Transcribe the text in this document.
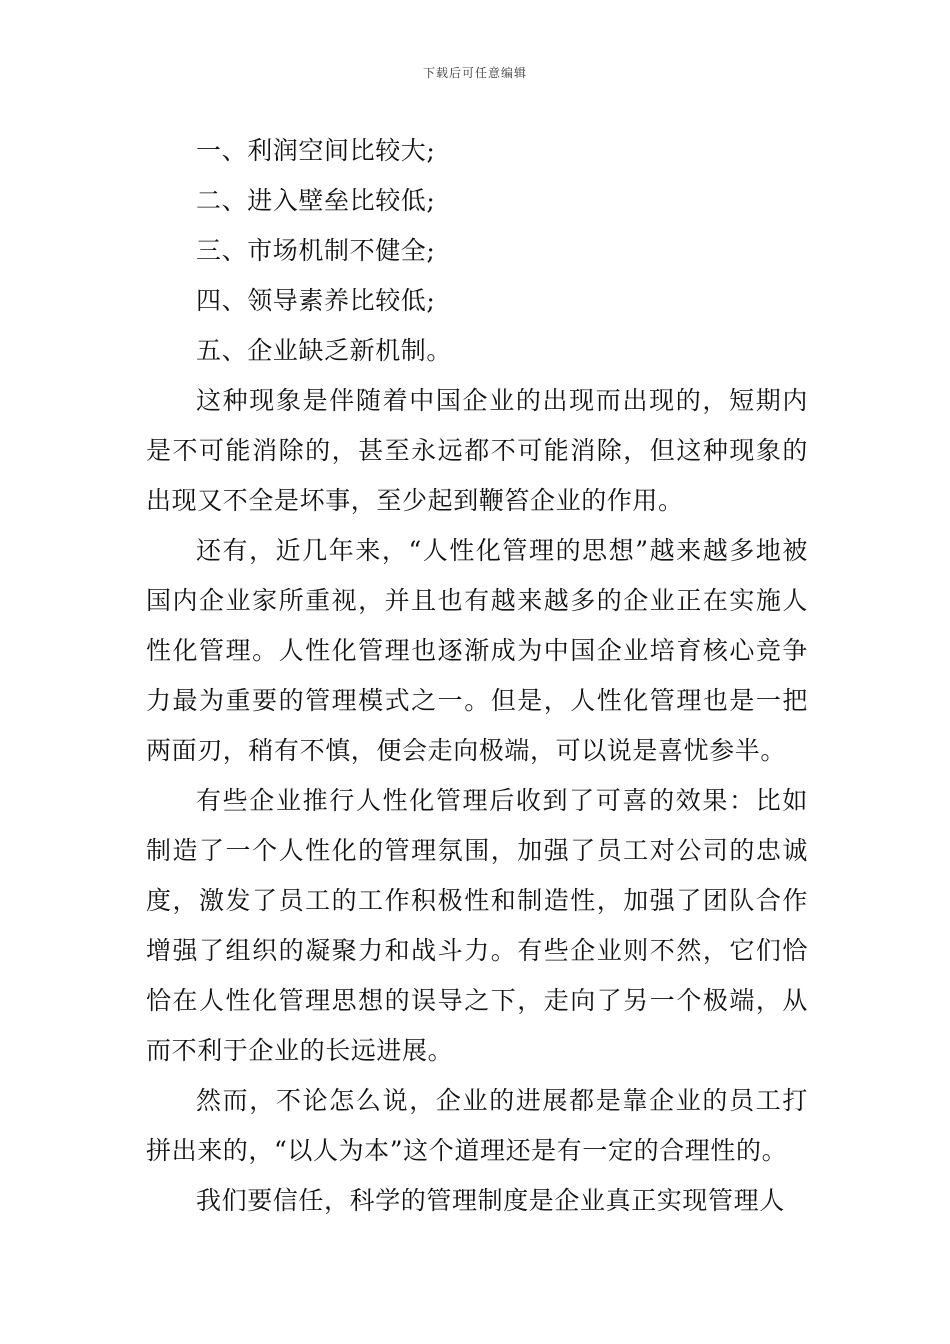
下载后可任意编辑
一、利润空间比较大;
二、进入壁垒比较低;
三、市场机制不健全;
四、领导素养比较低;
五、企业缺乏新机制。

这种现象是伴随着中国企业的出现而出现的，短期内是不可能消除的，甚至永远都不可能消除，但这种现象的出现又不全是坏事，至少起到鞭笞企业的作用。

还有，近几年来，“人性化管理的思想”越来越多地被国内企业家所重视，并且也有越来越多的企业正在实施人性化管理。人性化管理也逐渐成为中国企业培育核心竞争力最为重要的管理模式之一。但是，人性化管理也是一把两面刃，稍有不慎，便会走向极端，可以说是喜忧参半。

有些企业推行人性化管理后收到了可喜的效果：比如制造了一个人性化的管理氛围，加强了员工对公司的忠诚度，激发了员工的工作积极性和制造性，加强了团队合作增强了组织的凝聚力和战斗力。有些企业则不然，它们恰恰在人性化管理思想的误导之下，走向了另一个极端，从而不利于企业的长远进展。

然而，不论怎么说，企业的进展都是靠企业的员工打拼出来的，“以人为本”这个道理还是有一定的合理性的。

我们要信任，科学的管理制度是企业真正实现管理人
